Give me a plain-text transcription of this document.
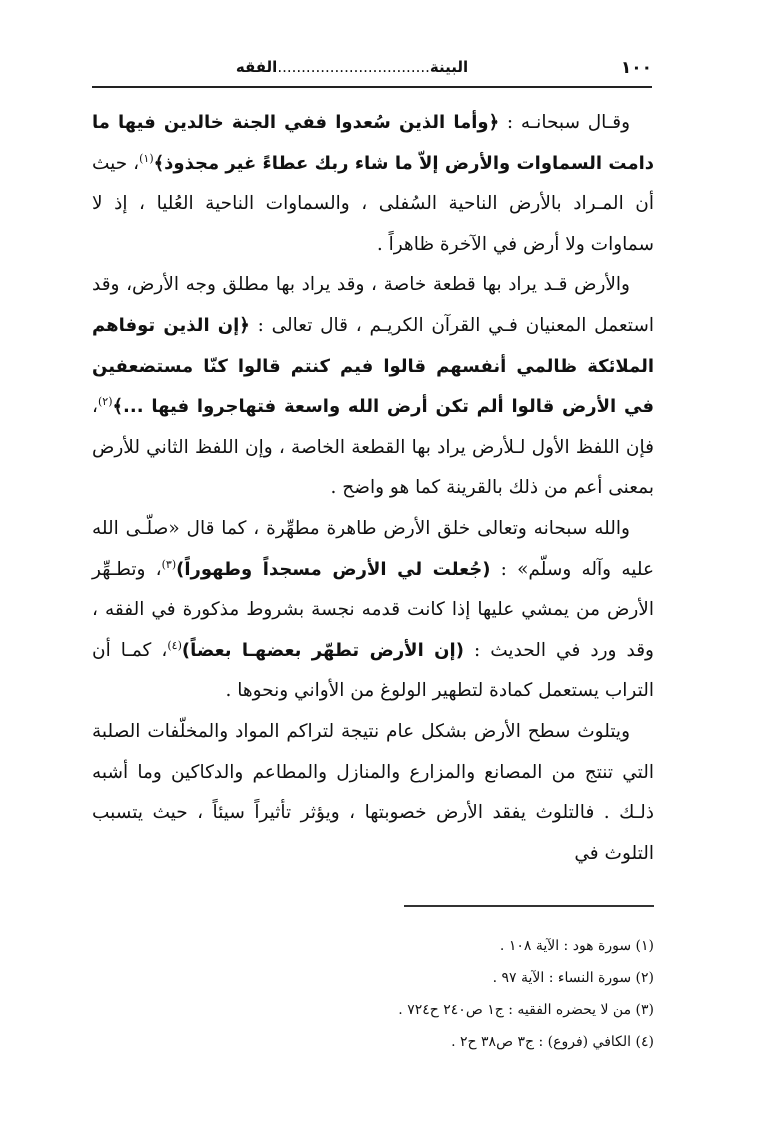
١٠٠
البينة................................الفقه

وقـال سبحانـه : ﴿وأما الذين سُعدوا ففي الجنة خالدين فيها ما دامت السماوات والأرض إلاّ ما شاء ربك عطاءً غير مجذوذ﴾$^{(١)}$، حيث أن المـراد بالأرض الناحية السُفلى ، والسماوات الناحية العُليا ، إذ لا سماوات ولا أرض في الآخرة ظاهراً .

والأرض قـد يراد بها قطعة خاصة ، وقد يراد بها مطلق وجه الأرض، وقد استعمل المعنيان فـي القرآن الكريـم ، قال تعالى : ﴿إن الذين توفاهم الملائكة ظالمي أنفسهم قالوا فيم كنتم قالوا كنّا مستضعفين في الأرض قالوا ألم تكن أرض الله واسعة فتهاجروا فيها ...﴾$^{(٢)}$، فإن اللفظ الأول لـلأرض يراد بها القطعة الخاصة ، وإن اللفظ الثاني للأرض بمعنى أعم من ذلك بالقرينة كما هو واضح .

والله سبحانه وتعالى خلق الأرض طاهرة مطهِّرة ، كما قال «صلّـى الله عليه وآله وسلّم» : (جُعلت لي الأرض مسجداً وطهوراً)$^{(٣)}$، وتطـهِّر الأرض من يمشي عليها إذا كانت قدمه نجسة بشروط مذكورة في الفقه ، وقد ورد في الحديث : (إن الأرض تطهّر بعضهـا بعضاً)$^{(٤)}$، كمـا أن التراب يستعمل كمادة لتطهير الولوغ من الأواني ونحوها .

ويتلوث سطح الأرض بشكل عام نتيجة لتراكم المواد والمخلّفات الصلبة التي تنتج من المصانع والمزارع والمنازل والمطاعم والدكاكين وما أشبه ذلـك . فالتلوث يفقد الأرض خصوبتها ، ويؤثر تأثيراً سيئاً ، حيث يتسبب التلوث في

(١) سورة هود : الآية ١٠٨ .
(٢) سورة النساء : الآية ٩٧ .
(٣) من لا يحضره الفقيه : ج١ ص٢٤٠ ح٧٢٤ .
(٤) الكافي (فروع) : ج٣ ص٣٨ ح٢ .
